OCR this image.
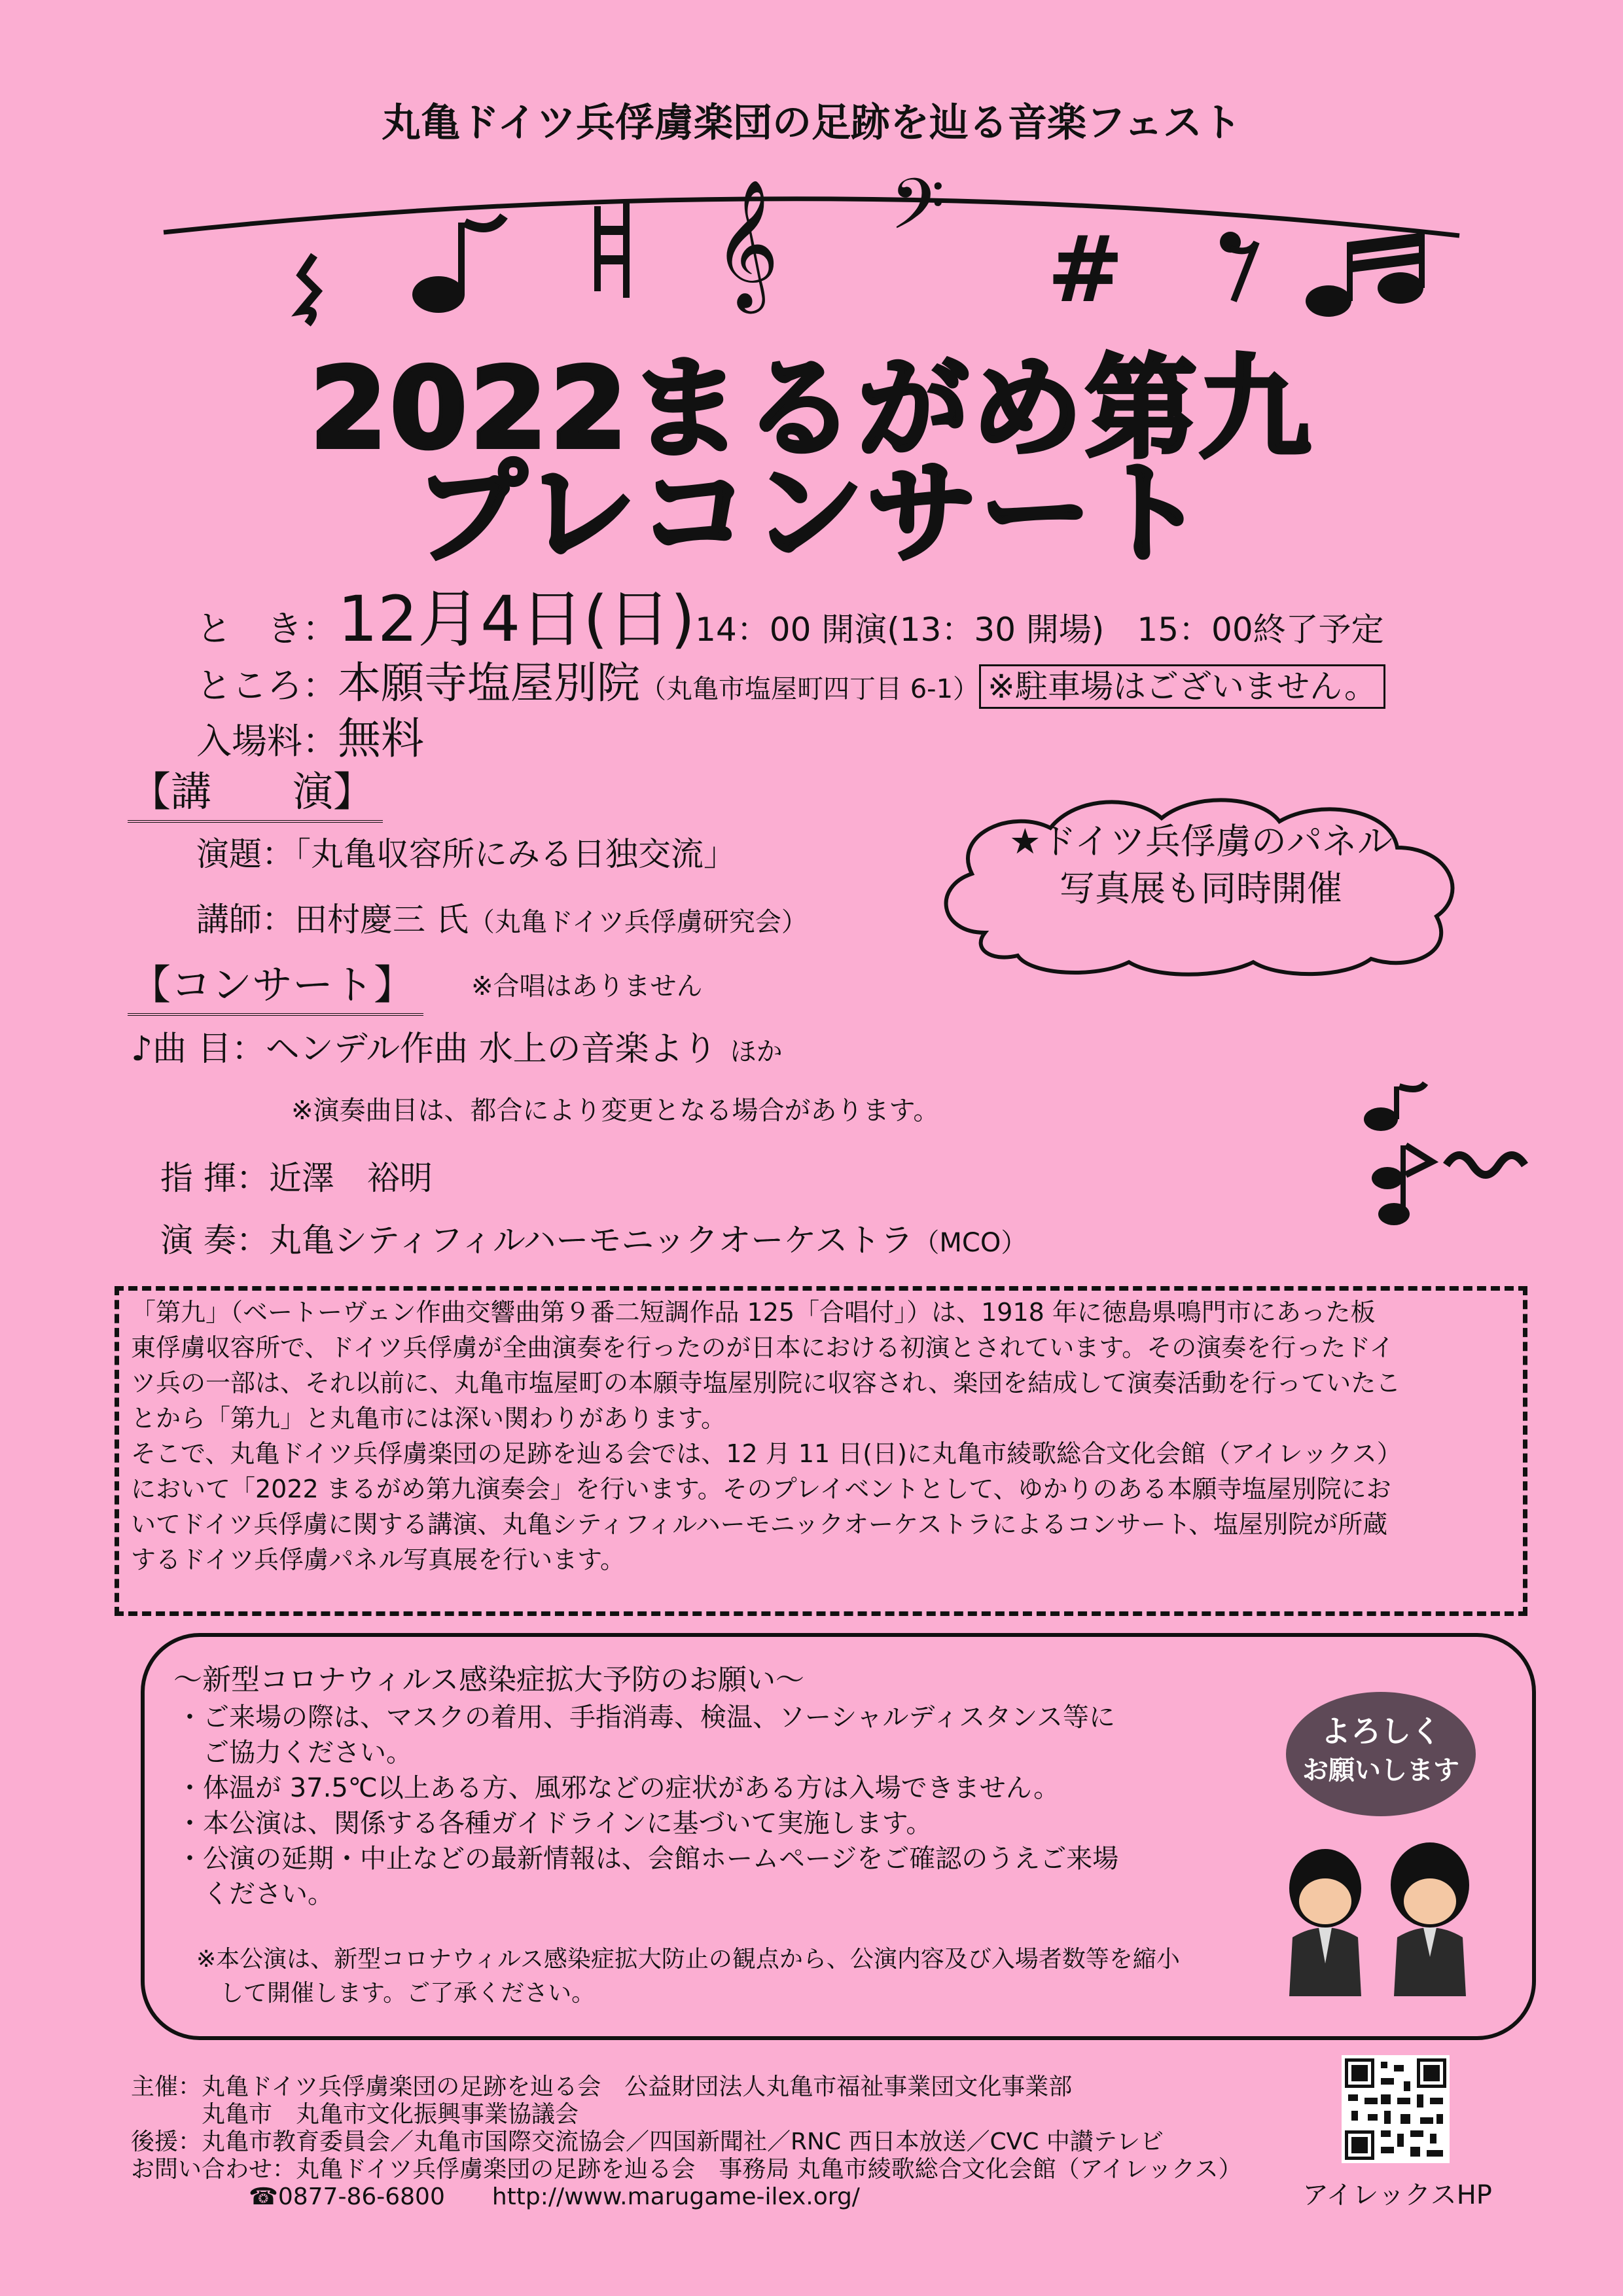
丸亀ドイツ兵俘虜楽団の足跡を辿る音楽フェスト
𝄞 𝄢
#
2022まるがめ第九
プレコンサート
と　き：12月4日(日)14：00 開演(13：30 開場)　15：00終了予定
ところ：本願寺塩屋別院（丸亀市塩屋町四丁目 6-1） ※駐車場はございません。
入場料：無料
【講　　演】
演題：「丸亀収容所にみる日独交流」
講師：田村慶三 氏（丸亀ドイツ兵俘虜研究会）
★ドイツ兵俘虜のパネル
写真展も同時開催
【コンサート】	※合唱はありません
♪曲 目：ヘンデル作曲 水上の音楽より ほか
※演奏曲目は、都合により変更となる場合があります。
指 揮：近澤　裕明
演 奏：丸亀シティフィルハーモニックオーケストラ（MCO）
「第九」（ベートーヴェン作曲交響曲第９番二短調作品 125「合唱付」）は、1918 年に徳島県鳴門市にあった板
東俘虜収容所で、ドイツ兵俘虜が全曲演奏を行ったのが日本における初演とされています。その演奏を行ったドイ
ツ兵の一部は、それ以前に、丸亀市塩屋町の本願寺塩屋別院に収容され、楽団を結成して演奏活動を行っていたこ
とから「第九」と丸亀市には深い関わりがあります。
そこで、丸亀ドイツ兵俘虜楽団の足跡を辿る会では、12 月 11 日(日)に丸亀市綾歌総合文化会館（アイレックス）
において「2022 まるがめ第九演奏会」を行います。そのプレイベントとして、ゆかりのある本願寺塩屋別院にお
いてドイツ兵俘虜に関する講演、丸亀シティフィルハーモニックオーケストラによるコンサート、塩屋別院が所蔵
するドイツ兵俘虜パネル写真展を行います。
～新型コロナウィルス感染症拡大予防のお願い～
・ご来場の際は、マスクの着用、手指消毒、検温、ソーシャルディスタンス等に
　ご協力ください。
・体温が 37.5℃以上ある方、風邪などの症状がある方は入場できません。
・本公演は、関係する各種ガイドラインに基づいて実施します。
・公演の延期・中止などの最新情報は、会館ホームページをご確認のうえご来場
　ください。
※本公演は、新型コロナウィルス感染症拡大防止の観点から、公演内容及び入場者数等を縮小
　して開催します。ご了承ください。
よろしく
お願いします
主催：丸亀ドイツ兵俘虜楽団の足跡を辿る会　公益財団法人丸亀市福祉事業団文化事業部
　　　丸亀市　丸亀市文化振興事業協議会
後援：丸亀市教育委員会／丸亀市国際交流協会／四国新聞社／RNC 西日本放送／CVC 中讃テレビ
お問い合わせ：丸亀ドイツ兵俘虜楽団の足跡を辿る会　事務局 丸亀市綾歌総合文化会館（アイレックス）
　　　　　☎0877-86-6800　　http://www.marugame-ilex.org/	アイレックスHP
